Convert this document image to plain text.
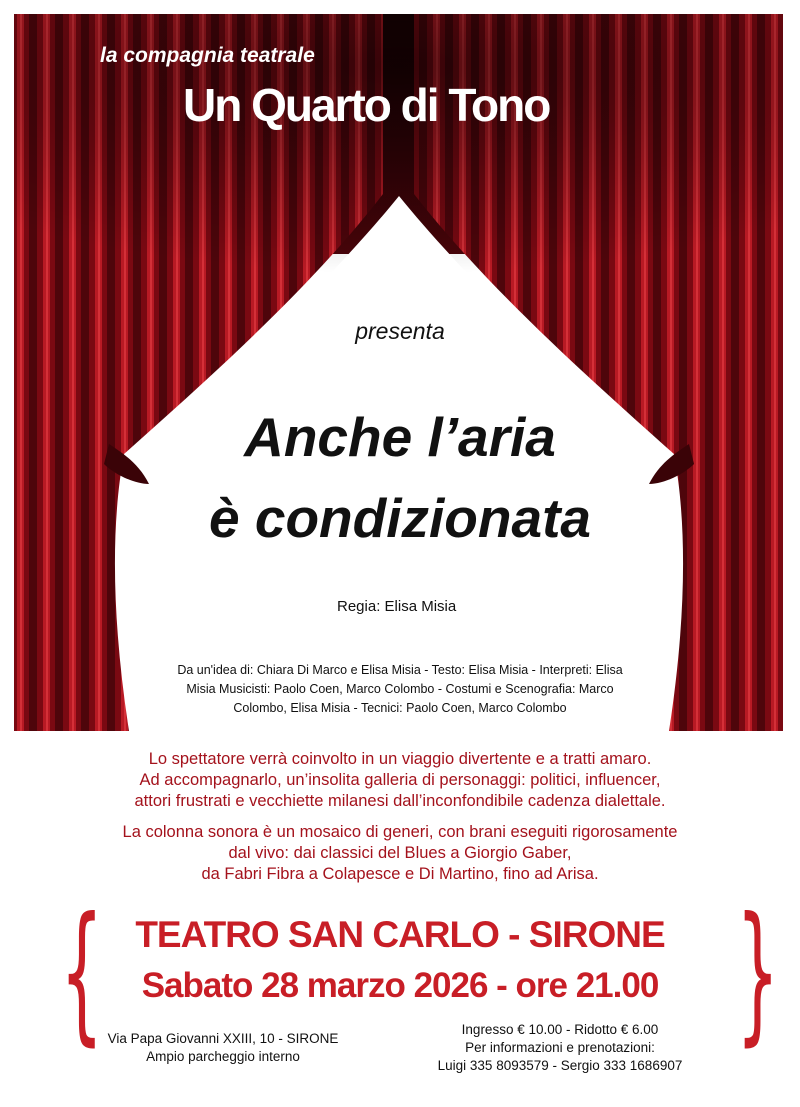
la compagnia teatrale
Un Quarto di Tono
presenta
Anche l’aria
è condizionata
Regia: Elisa Misia
Da un'idea di: Chiara Di Marco e Elisa Misia - Testo: Elisa Misia - Interpreti: Elisa
Misia Musicisti: Paolo Coen, Marco Colombo - Costumi e Scenografia: Marco
Colombo, Elisa Misia - Tecnici: Paolo Coen, Marco Colombo
Lo spettatore verrà coinvolto in un viaggio divertente e a tratti amaro.
Ad accompagnarlo, un’insolita galleria di personaggi: politici, influencer,
attori frustrati e vecchiette milanesi dall’inconfondibile cadenza dialettale.
La colonna sonora è un mosaico di generi, con brani eseguiti rigorosamente
dal vivo: dai classici del Blues a Giorgio Gaber,
da Fabri Fibra a Colapesce e Di Martino, fino ad Arisa.
{	}
TEATRO SAN CARLO - SIRONE
Sabato 28 marzo 2026 - ore 21.00
Via Papa Giovanni XXIII, 10 - SIRONE
Ampio parcheggio interno
Ingresso € 10.00 - Ridotto € 6.00
Per informazioni e prenotazioni:
Luigi 335 8093579 - Sergio 333 1686907
